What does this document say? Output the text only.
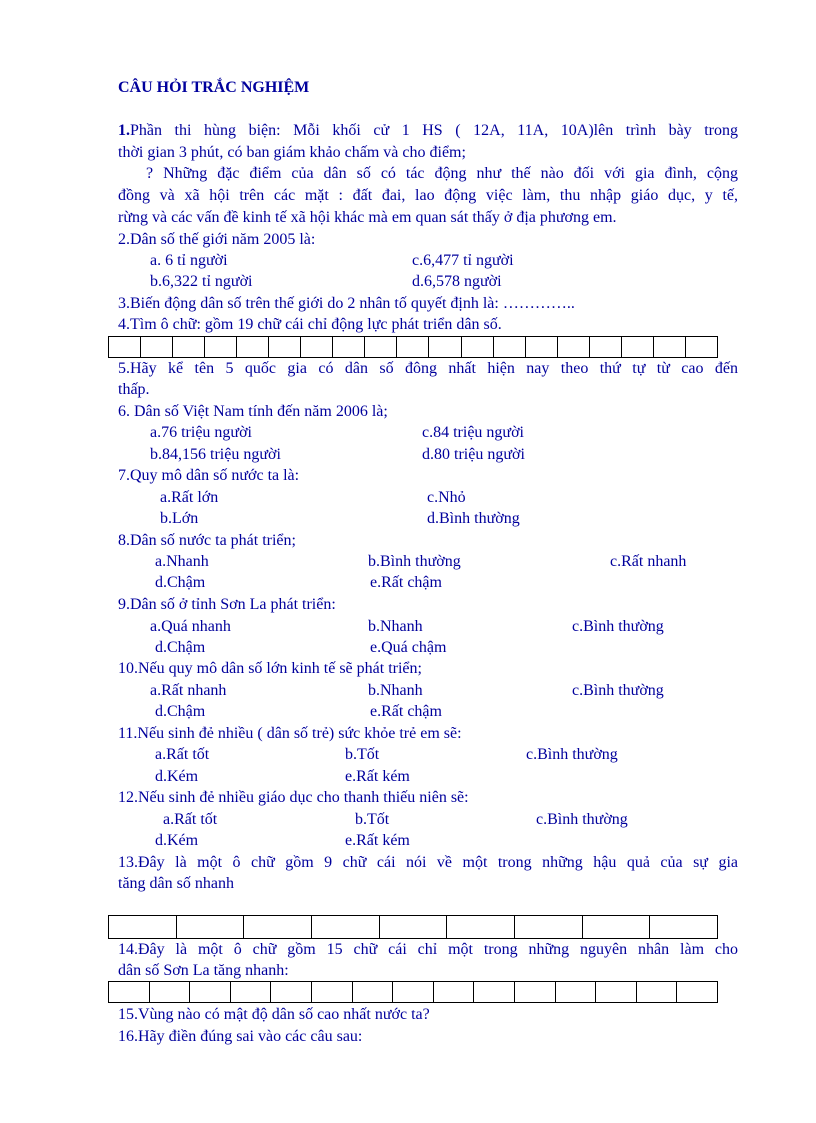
CÂU HỎI TRẮC NGHIỆM
1.Phần thi hùng biện: Mỗi khối cử 1 HS ( 12A, 11A, 10A)lên trình bày trong
thời gian 3 phút, có ban giám khảo chấm và cho điểm;
? Những đặc điểm của dân số có tác động như thế nào đối với gia đình, cộng
đồng và xã hội trên các mặt : đất đai, lao động việc làm, thu nhập giáo dục, y tế,
rừng và các vấn đề kinh tế xã hội khác mà em quan sát thấy ở địa phương em.
2.Dân số thế giới năm 2005 là:
a. 6 tỉ người	c.6,477 tỉ người
b.6,322 tỉ người	d.6,578 người
3.Biến động dân số trên thế giới do 2 nhân tố quyết định là: …………..
4.Tìm ô chữ: gồm 19 chữ cái chỉ động lực phát triển dân số.
5.Hãy kể tên 5 quốc gia có dân số đông nhất hiện nay theo thứ tự từ cao đến
thấp.
6. Dân số Việt Nam tính đến năm 2006 là;
a.76 triệu người	c.84 triệu người
b.84,156 triệu người	d.80 triệu người
7.Quy mô dân số nước ta là:
a.Rất lớn	c.Nhỏ
b.Lớn	d.Bình thường
8.Dân số nước ta phát triển;
a.Nhanh	b.Bình thường	c.Rất nhanh
d.Chậm	e.Rất chậm
9.Dân số ở tỉnh Sơn La phát triển:
a.Quá nhanh	b.Nhanh	c.Bình thường
d.Chậm	e.Quá chậm
10.Nếu quy mô dân số lớn kinh tế sẽ phát triển;
a.Rất nhanh	b.Nhanh	c.Bình thường
d.Chậm	e.Rất chậm
11.Nếu sinh đẻ nhiều ( dân số trẻ) sức khỏe trẻ em sẽ:
a.Rất tốt	b.Tốt	c.Bình thường
d.Kém	e.Rất kém
12.Nếu sinh đẻ nhiều giáo dục cho thanh thiếu niên sẽ:
a.Rất tốt	b.Tốt	c.Bình thường
d.Kém	e.Rất kém
13.Đây là một ô chữ gồm 9 chữ cái nói về một trong những hậu quả của sự gia
tăng dân số nhanh
14.Đây là một ô chữ gồm 15 chữ cái chỉ một trong những nguyên nhân làm cho
dân số Sơn La tăng nhanh:
15.Vùng nào có mật độ dân số cao nhất nước ta?
16.Hãy điền đúng sai vào các câu sau:
